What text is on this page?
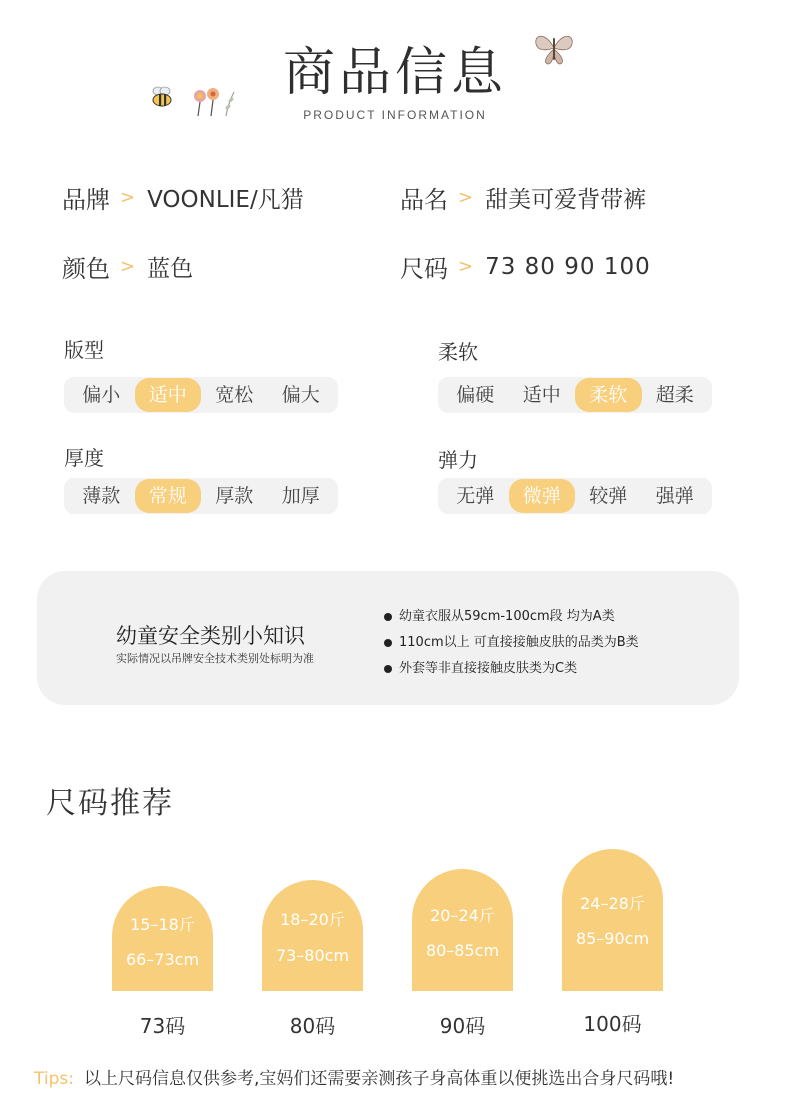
商品信息
PRODUCT INFORMATION
品牌 > VOONLIE/凡猎	品名 > 甜美可爱背带裤
颜色 > 蓝色	尺码 > 73 80 90 100
版型
偏小	适中	宽松	偏大
柔软
偏硬	适中	柔软	超柔
厚度
薄款	常规	厚款	加厚
弹力
无弹	微弹	较弹	强弹
幼童安全类别小知识
实际情况以吊牌安全技术类别处标明为准
幼童衣服从59cm-100cm段 均为A类
110cm以上 可直接接触皮肤的品类为B类
外套等非直接接触皮肤类为C类
尺码推荐
15–18斤
66–73cm
73码
18–20斤
73–80cm
80码
20–24斤
80–85cm
90码
24–28斤
85–90cm
100码
Tips: 以上尺码信息仅供参考,宝妈们还需要亲测孩子身高体重以便挑选出合身尺码哦!
